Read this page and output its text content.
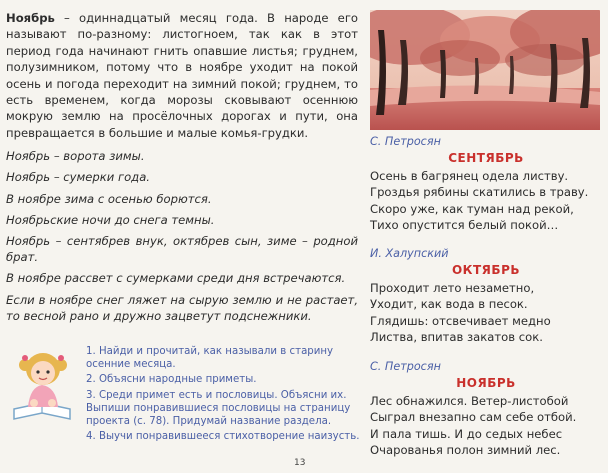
Ноябрь – одиннадцатый месяц года. В народе его называют по-разному: листогноем, так как в этот период года начинают гнить опавшие листья; груднем, полузимником, потому что в ноябре уходит на покой осень и погода переходит на зимний покой; груднем, то есть временем, когда морозы сковывают осеннюю мокрую землю на просёлочных дорогах и пути, она превращается в большие и малые комья-грудки.

Ноябрь – ворота зимы.

Ноябрь – сумерки года.

В ноябре зима с осенью борются.

Ноябрьские ночи до снега темны.

Ноябрь – сентябрев внук, октябрев сын, зиме – родной брат.

В ноябре рассвет с сумерками среди дня встречаются.

Если в ноябре снег ляжет на сырую землю и не растает, то весной рано и дружно зацветут подснежники.

1. Найди и прочитай, как называли в старину осенние месяца.

2. Объясни народные приметы.

3. Среди примет есть и пословицы. Объясни их. Выпиши понравившиеся пословицы на страницу проекта (с. 78). Придумай название раздела.

4. Выучи понравившееся стихотворение наизусть.

С. Петросян

СЕНТЯБРЬ

Осень в багрянец одела листву.
Гроздья рябины скатились в траву.
Скоро уже, как туман над рекой,
Тихо опустится белый покой…

И. Халупский

ОКТЯБРЬ

Проходит лето незаметно,
Уходит, как вода в песок.
Глядишь: отсвечивает медно
Листва, впитав закатов сок.

С. Петросян

НОЯБРЬ

Лес обнажился. Ветер-листобой
Сыграл внезапно сам себе отбой.
И пала тишь. И до седых небес
Очарованья полон зимний лес.
13
